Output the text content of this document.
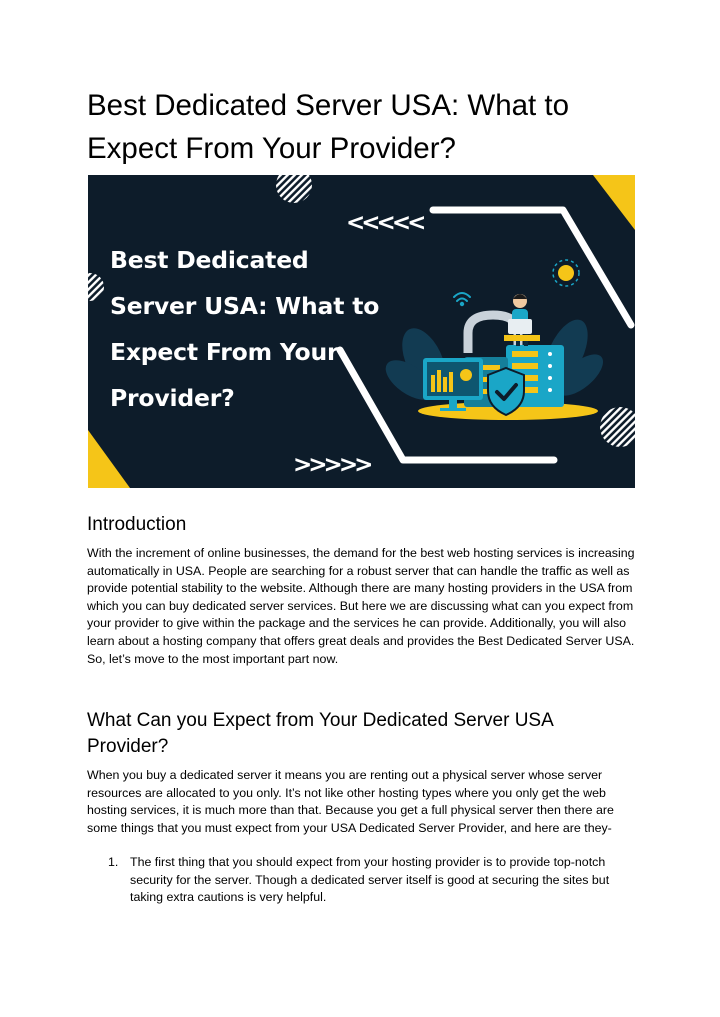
Best Dedicated Server USA: What to Expect From Your Provider?
<<<<<
>>>>>

Best Dedicated
Server USA: What to
Expect From Your
Provider?

Introduction

With the increment of online businesses, the demand for the best web hosting services is increasing automatically in USA. People are searching for a robust server that can handle the traffic as well as provide potential stability to the website. Although there are many hosting providers in the USA from which you can buy dedicated server services. But here we are discussing what can you expect from your provider to give within the package and the services he can provide. Additionally, you will also learn about a hosting company that offers great deals and provides the Best Dedicated Server USA. So, let’s move to the most important part now.

What Can you Expect from Your Dedicated Server USA Provider?

When you buy a dedicated server it means you are renting out a physical server whose server resources are allocated to you only. It’s not like other hosting types where you only get the web hosting services, it is much more than that. Because you get a full physical server then there are some things that you must expect from your USA Dedicated Server Provider, and here are they-

1. The first thing that you should expect from your hosting provider is to provide top-notch security for the server. Though a dedicated server itself is good at securing the sites but taking extra cautions is very helpful.
